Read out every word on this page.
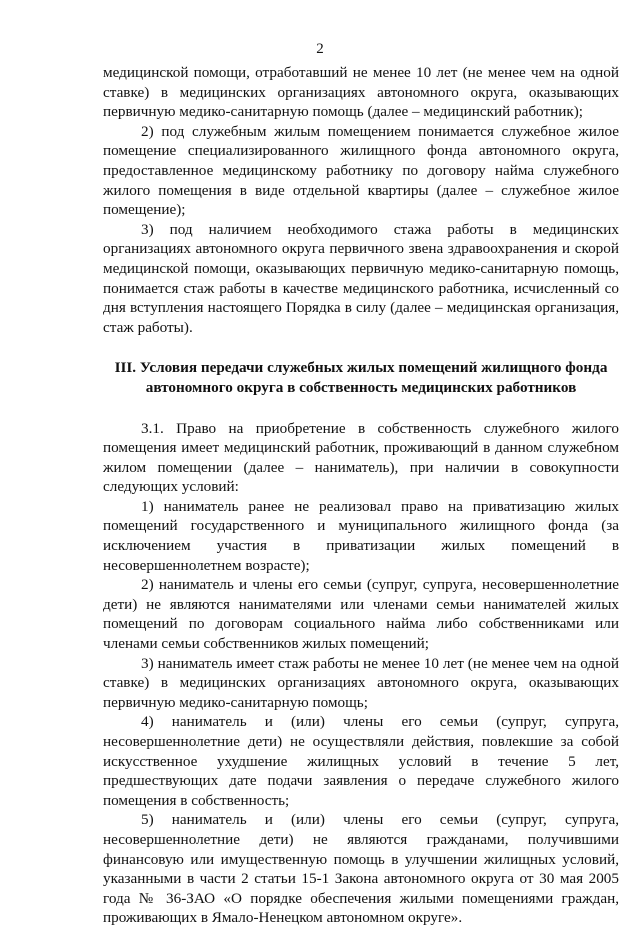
2

медицинской помощи, отработавший не менее 10 лет (не менее чем на одной ставке) в медицинских организациях автономного округа, оказывающих первичную медико-санитарную помощь (далее – медицинский работник);

2) под служебным жилым помещением понимается служебное жилое помещение специализированного жилищного фонда автономного округа, предоставленное медицинскому работнику по договору найма служебного жилого помещения в виде отдельной квартиры (далее – служебное жилое помещение);

3) под наличием необходимого стажа работы в медицинских организациях автономного округа первичного звена здравоохранения и скорой медицинской помощи, оказывающих первичную медико-санитарную помощь, понимается стаж работы в качестве медицинского работника, исчисленный со дня вступления настоящего Порядка в силу (далее – медицинская организация, стаж работы).

III. Условия передачи служебных жилых помещений жилищного фонда
автономного округа в собственность медицинских работников

3.1. Право на приобретение в собственность служебного жилого помещения имеет медицинский работник, проживающий в данном служебном жилом помещении (далее – наниматель), при наличии в совокупности следующих условий:

1) наниматель ранее не реализовал право на приватизацию жилых помещений государственного и муниципального жилищного фонда (за исключением участия в приватизации жилых помещений в несовершеннолетнем возрасте);

2) наниматель и члены его семьи (супруг, супруга, несовершеннолетние дети) не являются нанимателями или членами семьи нанимателей жилых помещений по договорам социального найма либо собственниками или членами семьи собственников жилых помещений;

3) наниматель имеет стаж работы не менее 10 лет (не менее чем на одной ставке) в медицинских организациях автономного округа, оказывающих первичную медико-санитарную помощь;

4) наниматель и (или) члены его семьи (супруг, супруга, несовершеннолетние дети) не осуществляли действия, повлекшие за собой искусственное ухудшение жилищных условий в течение 5 лет, предшествующих дате подачи заявления о передаче служебного жилого помещения в собственность;

5) наниматель и (или) члены его семьи (супруг, супруга, несовершеннолетние дети) не являются гражданами, получившими финансовую или имущественную помощь в улучшении жилищных условий, указанными в части 2 статьи 15-1 Закона автономного округа от 30 мая 2005 года № 36-ЗАО «О порядке обеспечения жилыми помещениями граждан, проживающих в Ямало-Ненецком автономном округе».
